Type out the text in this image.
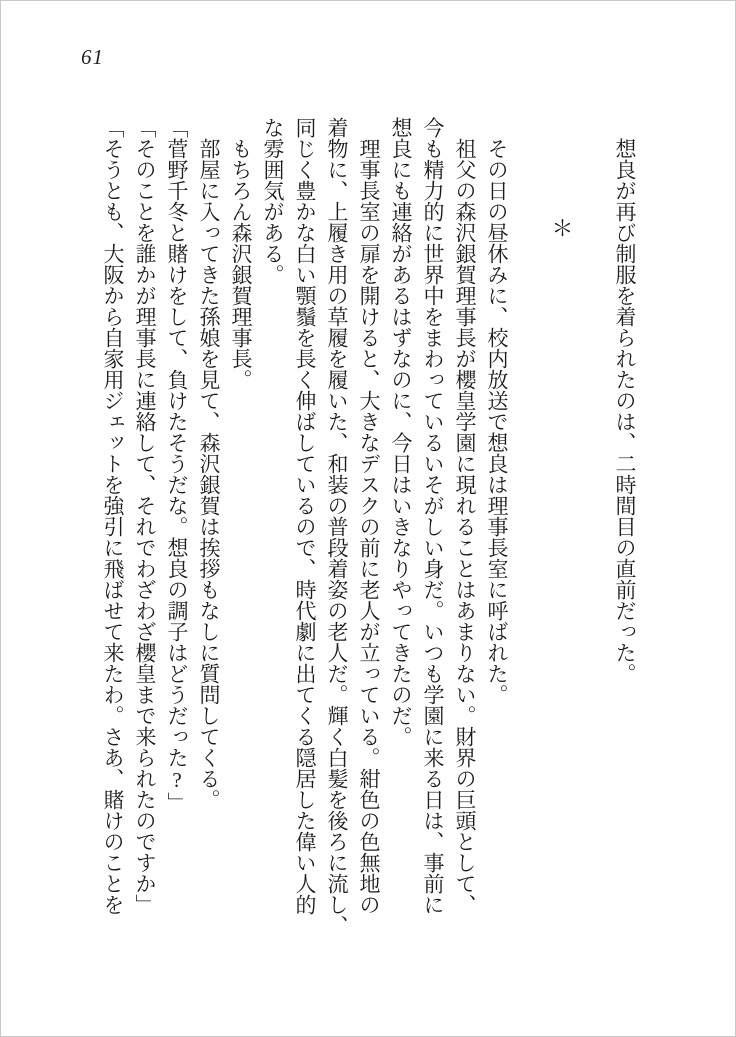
61
　想良が再び制服を着られたのは、二時間目の直前だった。
＊
　その日の昼休みに、校内放送で想良は理事長室に呼ばれた。
　祖父の森沢銀賀理事長が櫻皇学園に現れることはあまりない。財界の巨頭として、
今も精力的に世界中をまわっているいそがしい身だ。いつも学園に来る日は、事前に
想良にも連絡があるはずなのに、今日はいきなりやってきたのだ。
　理事長室の扉を開けると、大きなデスクの前に老人が立っている。紺色の色無地の
着物に、上履き用の草履を履いた、和装の普段着姿の老人だ。輝く白髪を後ろに流し、
同じく豊かな白い顎鬚を長く伸ばしているので、時代劇に出てくる隠居した偉い人的
な雰囲気がある。
　もちろん森沢銀賀理事長。
　部屋に入ってきた孫娘を見て、森沢銀賀は挨拶もなしに質問してくる。
「菅野千冬と賭けをして、負けたそうだな。想良の調子はどうだった?」
「そのことを誰かが理事長に連絡して、それでわざわざ櫻皇まで来られたのですか」
「そうとも、大阪から自家用ジェットを強引に飛ばせて来たわ。さあ、賭けのことを
